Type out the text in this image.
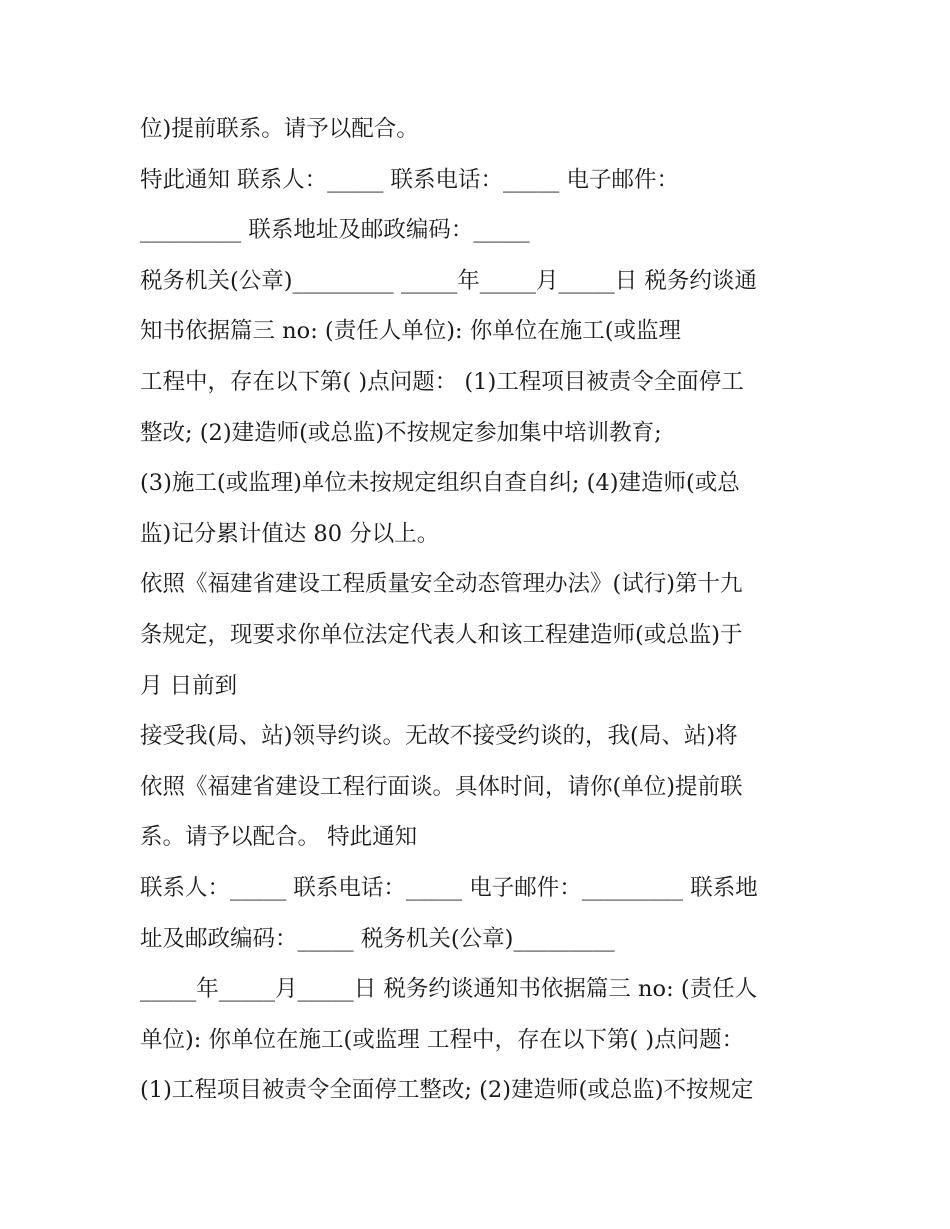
位)提前联系。请予以配合。
特此通知 联系人：_____ 联系电话：_____ 电子邮件：
_________ 联系地址及邮政编码：_____
税务机关(公章)_________ _____年_____月_____日 税务约谈通
知书依据篇三 no: (责任人单位): 你单位在施工(或监理
工程中，存在以下第( )点问题： (1)工程项目被责令全面停工
整改; (2)建造师(或总监)不按规定参加集中培训教育;
(3)施工(或监理)单位未按规定组织自查自纠; (4)建造师(或总
监)记分累计值达 80 分以上。
依照《福建省建设工程质量安全动态管理办法》(试行)第十九
条规定，现要求你单位法定代表人和该工程建造师(或总监)于
月 日前到
接受我(局、站)领导约谈。无故不接受约谈的，我(局、站)将
依照《福建省建设工程行面谈。具体时间，请你(单位)提前联
系。请予以配合。 特此通知
联系人：_____ 联系电话：_____ 电子邮件：_________ 联系地
址及邮政编码：_____ 税务机关(公章)_________
_____年_____月_____日 税务约谈通知书依据篇三 no: (责任人
单位): 你单位在施工(或监理 工程中，存在以下第( )点问题：
(1)工程项目被责令全面停工整改; (2)建造师(或总监)不按规定
